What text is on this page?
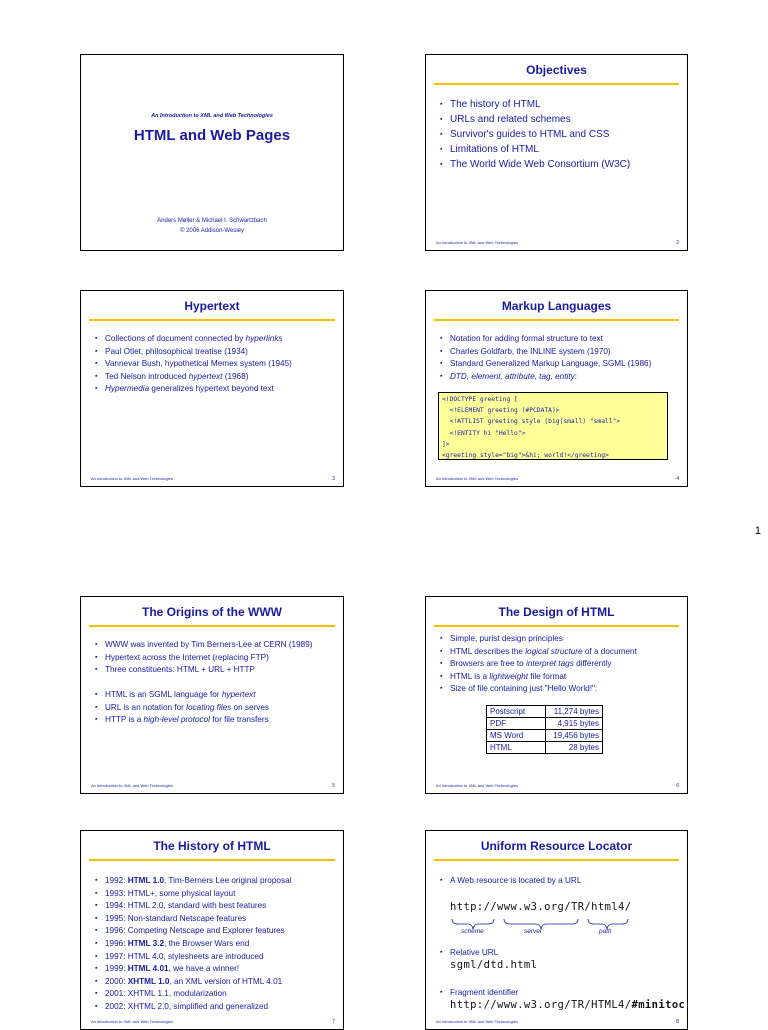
An Introduction to XML and Web Technologies
HTML and Web Pages
Anders Møller & Michael I. Schwartzbach
© 2006 Addison-Wesley
Objectives
▪ The history of HTML
▪ URLs and related schemes
▪ Survivor's guides to HTML and CSS
▪ Limitations of HTML
▪ The World Wide Web Consortium (W3C)
An Introduction to XML and Web Technologies	2
Hypertext
▪ Collections of document connected by hyperlinks
▪ Paul Otlet, philosophical treatise (1934)
▪ Vannevar Bush, hypothetical Memex system (1945)
▪ Ted Nelson introduced hypertext (1968)
▪ Hypermedia generalizes hypertext beyond text
An Introduction to XML and Web Technologies	3
Markup Languages
▪ Notation for adding formal structure to text
▪ Charles Goldfarb, the INLINE system (1970)
▪ Standard Generalized Markup Language, SGML (1986)
▪ DTD, element, attribute, tag, entity:
<!DOCTYPE greeting [
<!ELEMENT greeting (#PCDATA)>
<!ATTLIST greeting style (big|small) "small">
<!ENTITY hi "Hello">
]>
<greeting style="big">&hi; world!</greeting>
An Introduction to XML and Web Technologies	4
1
The Origins of the WWW
▪ WWW was invented by Tim Berners-Lee at CERN (1989)
▪ Hypertext across the Internet (replacing FTP)
▪ Three constituents: HTML + URL + HTTP
▪ HTML is an SGML language for hypertext
▪ URL is an notation for locating files on serves
▪ HTTP is a high-level protocol for file transfers
An Introduction to XML and Web Technologies	5
The Design of HTML
▪ Simple, purist design principles
▪ HTML describes the logical structure of a document
▪ Browsers are free to interpret tags differently
▪ HTML is a lightweight file format
▪ Size of file containing just "Hello World!":
Postscript	11,274 bytes
PDF	4,915 bytes
MS Word	19,456 bytes
HTML	28 bytes
An Introduction to XML and Web Technologies	6
The History of HTML
▪ 1992: HTML 1.0, Tim-Berners Lee original proposal
▪ 1993: HTML+, some physical layout
▪ 1994: HTML 2.0, standard with best features
▪ 1995: Non-standard Netscape features
▪ 1996: Competing Netscape and Explorer features
▪ 1996: HTML 3.2, the Browser Wars end
▪ 1997: HTML 4.0, stylesheets are introduced
▪ 1999: HTML 4.01, we have a winner!
▪ 2000: XHTML 1.0, an XML version of HTML 4.01
▪ 2001: XHTML 1.1, modularization
▪ 2002: XHTML 2.0, simplified and generalized
An Introduction to XML and Web Technologies	7
Uniform Resource Locator
▪ A Web resource is located by a URL
http://www.w3.org/TR/html4/
scheme	server	path
▪ Relative URL
sgml/dtd.html
▪ Fragment identifier
http://www.w3.org/TR/HTML4/#minitoc
An Introduction to XML and Web Technologies	8
